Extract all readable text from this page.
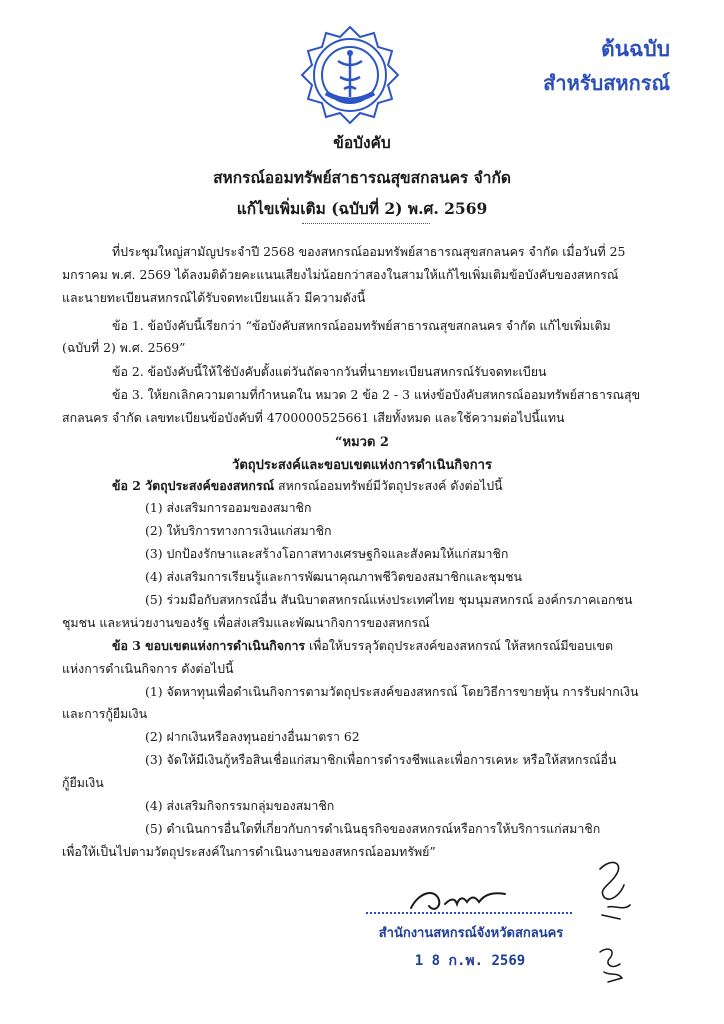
ต้นฉบับ
สำหรับสหกรณ์
ข้อบังคับ
สหกรณ์ออมทรัพย์สาธารณสุขสกลนคร จำกัด
แก้ไขเพิ่มเติม (ฉบับที่ 2) พ.ศ. 2569
ที่ประชุมใหญ่สามัญประจำปี 2568 ของสหกรณ์ออมทรัพย์สาธารณสุขสกลนคร จำกัด เมื่อวันที่ 25
มกราคม พ.ศ. 2569 ได้ลงมติด้วยคะแนนเสียงไม่น้อยกว่าสองในสามให้แก้ไขเพิ่มเติมข้อบังคับของสหกรณ์
และนายทะเบียนสหกรณ์ได้รับจดทะเบียนแล้ว มีความดังนี้
ข้อ 1. ข้อบังคับนี้เรียกว่า “ข้อบังคับสหกรณ์ออมทรัพย์สาธารณสุขสกลนคร จำกัด แก้ไขเพิ่มเติม
(ฉบับที่ 2) พ.ศ. 2569”
ข้อ 2. ข้อบังคับนี้ให้ใช้บังคับตั้งแต่วันถัดจากวันที่นายทะเบียนสหกรณ์รับจดทะเบียน
ข้อ 3. ให้ยกเลิกความตามที่กำหนดใน หมวด 2 ข้อ 2 - 3 แห่งข้อบังคับสหกรณ์ออมทรัพย์สาธารณสุข
สกลนคร จำกัด เลขทะเบียนข้อบังคับที่ 4700000525661 เสียทั้งหมด และใช้ความต่อไปนี้แทน
“หมวด 2
วัตถุประสงค์และขอบเขตแห่งการดำเนินกิจการ
ข้อ 2 วัตถุประสงค์ของสหกรณ์ สหกรณ์ออมทรัพย์มีวัตถุประสงค์ ดังต่อไปนี้
(1) ส่งเสริมการออมของสมาชิก
(2) ให้บริการทางการเงินแก่สมาชิก
(3) ปกป้องรักษาและสร้างโอกาสทางเศรษฐกิจและสังคมให้แก่สมาชิก
(4) ส่งเสริมการเรียนรู้และการพัฒนาคุณภาพชีวิตของสมาชิกและชุมชน
(5) ร่วมมือกับสหกรณ์อื่น สันนิบาตสหกรณ์แห่งประเทศไทย ชุมนุมสหกรณ์ องค์กรภาคเอกชน
ชุมชน และหน่วยงานของรัฐ เพื่อส่งเสริมและพัฒนากิจการของสหกรณ์
ข้อ 3 ขอบเขตแห่งการดำเนินกิจการ เพื่อให้บรรลุวัตถุประสงค์ของสหกรณ์ ให้สหกรณ์มีขอบเขต
แห่งการดำเนินกิจการ ดังต่อไปนี้
(1) จัดหาทุนเพื่อดำเนินกิจการตามวัตถุประสงค์ของสหกรณ์ โดยวิธีการขายหุ้น การรับฝากเงิน
และการกู้ยืมเงิน
(2) ฝากเงินหรือลงทุนอย่างอื่นมาตรา 62
(3) จัดให้มีเงินกู้หรือสินเชื่อแก่สมาชิกเพื่อการดำรงชีพและเพื่อการเคหะ หรือให้สหกรณ์อื่น
กู้ยืมเงิน
(4) ส่งเสริมกิจกรรมกลุ่มของสมาชิก
(5) ดำเนินการอื่นใดที่เกี่ยวกับการดำเนินธุรกิจของสหกรณ์หรือการให้บริการแก่สมาชิก
เพื่อให้เป็นไปตามวัตถุประสงค์ในการดำเนินงานของสหกรณ์ออมทรัพย์”
สำนักงานสหกรณ์จังหวัดสกลนคร
1 8 ก.พ. 2569
